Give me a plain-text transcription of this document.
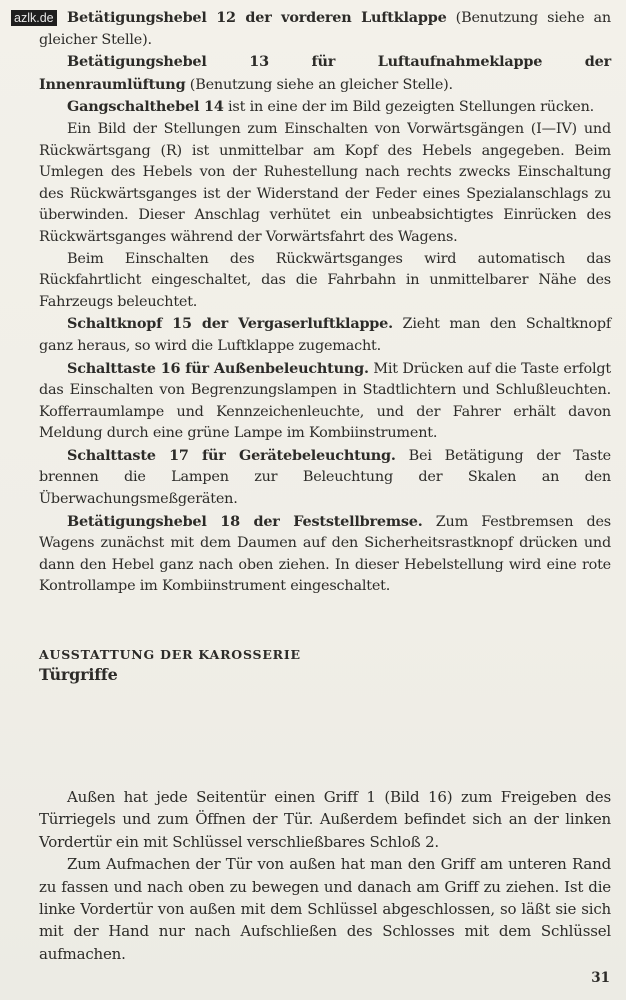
azlk.de Betätigungshebel 12 der vorderen Luftklappe (Benutzung siehe an gleicher Stelle).

Betätigungshebel 13 für Luftaufnahmeklappe der Innenraumlüftung (Benutzung siehe an gleicher Stelle).

Gangschalthebel 14 ist in eine der im Bild gezeigten Stellungen rücken.

Ein Bild der Stellungen zum Einschalten von Vorwärtsgängen (I—IV) und Rückwärtsgang (R) ist unmittelbar am Kopf des Hebels angegeben. Beim Umlegen des Hebels von der Ruhestellung nach rechts zwecks Einschaltung des Rückwärtsganges ist der Widerstand der Feder eines Spezialanschlags zu überwinden. Dieser Anschlag verhütet ein unbeabsichtigtes Einrücken des Rückwärtsganges während der Vorwärtsfahrt des Wagens.

Beim Einschalten des Rückwärtsganges wird automatisch das Rückfahrtlicht eingeschaltet, das die Fahrbahn in unmittelbarer Nähe des Fahrzeugs beleuchtet.

Schaltknopf 15 der Vergaserluftklappe. Zieht man den Schaltknopf ganz heraus, so wird die Luftklappe zugemacht.

Schalttaste 16 für Außenbeleuchtung. Mit Drücken auf die Taste erfolgt das Einschalten von Begrenzungslampen in Stadtlichtern und Schlußleuchten. Kofferraumlampe und Kennzeichenleuchte, und der Fahrer erhält davon Meldung durch eine grüne Lampe im Kombiinstrument.

Schalttaste 17 für Gerätebeleuchtung. Bei Betätigung der Taste brennen die Lampen zur Beleuchtung der Skalen an den Überwachungsmeßgeräten.

Betätigungshebel 18 der Feststellbremse. Zum Festbremsen des Wagens zunächst mit dem Daumen auf den Sicherheitsrastknopf drücken und dann den Hebel ganz nach oben ziehen. In dieser Hebelstellung wird eine rote Kontrollampe im Kombiinstrument eingeschaltet.

AUSSTATTUNG DER KAROSSERIE

Türgriffe

Außen hat jede Seitentür einen Griff 1 (Bild 16) zum Freigeben des Türriegels und zum Öffnen der Tür. Außerdem befindet sich an der linken Vordertür ein mit Schlüssel verschließbares Schloß 2.

Zum Aufmachen der Tür von außen hat man den Griff am unteren Rand zu fassen und nach oben zu bewegen und danach am Griff zu ziehen. Ist die linke Vordertür von außen mit dem Schlüssel abgeschlossen, so läßt sie sich mit der Hand nur nach Aufschließen des Schlosses mit dem Schlüssel aufmachen.

31
